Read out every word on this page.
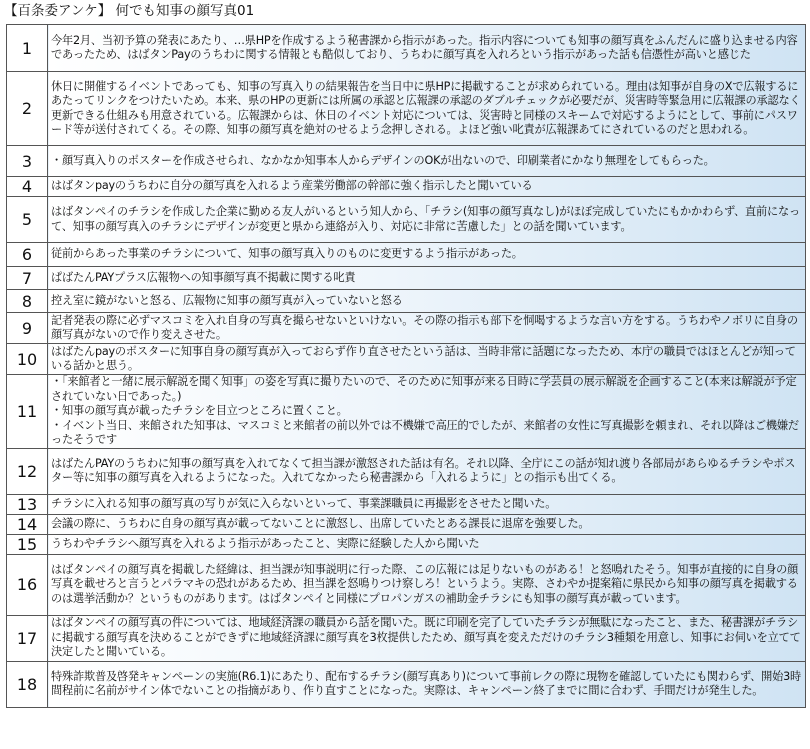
【百条委アンケ】 何でも知事の顔写真01
1	今年2月、当初予算の発表にあたり、…県HPを作成するよう秘書課から指示があった。指示内容についても知事の顔写真をふんだんに盛り込ませる内容であったため、はばタンPayのうちわに関する情報とも酷似しており、うちわに顔写真を入れろという指示があった話も信憑性が高いと感じた
2	休日に開催するイベントであっても、知事の写真入りの結果報告を当日中に県HPに掲載することが求められている。理由は知事が自身のXで広報するにあたってリンクをつけたいため。本来、県のHPの更新には所属の承認と広報課の承認のダブルチェックが必要だが、災害時等緊急用に広報課の承認なく更新できる仕組みも用意されている。広報課からは、休日のイベント対応については、災害時と同様のスキームで対応するようにとして、事前にパスワード等が送付されてくる。その際、知事の顔写真を絶対のせるよう念押しされる。よほど強い叱責が広報課あてにされているのだと思われる。
3	・顔写真入りのポスターを作成させられ、なかなか知事本人からデザインのOKが出ないので、印刷業者にかなり無理をしてもらった。
4	はばタンpayのうちわに自分の顔写真を入れるよう産業労働部の幹部に強く指示したと聞いている
5	はばタンペイのチラシを作成した企業に勤める友人がいるという知人から、「チラシ(知事の顔写真なし)がほぼ完成していたにもかかわらず、直前になって、知事の顔写真入のチラシにデザインが変更と県から連絡が入り、対応に非常に苦慮した」との話を聞いています。
6	従前からあった事業のチラシについて、知事の顔写真入りのものに変更するよう指示があった。
7	ぱばたんPAYプラス広報物への知事顔写真不掲載に関する叱責
8	控え室に鏡がないと怒る、広報物に知事の顔写真が入っていないと怒る
9	記者発表の際に必ずマスコミを入れ自身の写真を撮らせないといけない。その際の指示も部下を恫喝するような言い方をする。うちわやノボリに自身の顔写真がないので作り変えさせた。
10	はばたんpayのポスターに知事自身の顔写真が入っておらず作り直させたという話は、当時非常に話題になったため、本庁の職員ではほとんどが知っている話かと思う。
11	・「来館者と一緒に展示解説を聞く知事」の姿を写真に撮りたいので、そのために知事が来る日時に学芸員の展示解説を企画すること(本来は解説が予定されていない日であった。)
・知事の顔写真が載ったチラシを目立つところに置くこと。
・イベント当日、来館された知事は、マスコミと来館者の前以外では不機嫌で高圧的でしたが、来館者の女性に写真撮影を頼まれ、それ以降はご機嫌だったそうです
12	はばたんPAYのうちわに知事の顔写真を入れてなくて担当課が激怒された話は有名。それ以降、全庁にこの話が知れ渡り各部局があらゆるチラシやポスター等に知事の顔写真を入れるようになった。入れてなかったら秘書課から「入れるように」との指示も出てくる。
13	チラシに入れる知事の顔写真の写りが気に入らないといって、事業課職員に再撮影をさせたと聞いた。
14	会議の際に、うちわに自身の顔写真が載ってないことに激怒し、出席していたとある課長に退席を強要した。
15	うちわやチラシへ顔写真を入れるよう指示があったこと、実際に経験した人から聞いた
16	はばタンペイの顔写真を掲載した経緯は、担当課が知事説明に行った際、この広報には足りないものがある！と怒鳴れたそう。知事が直接的に自身の顔写真を載せろと言うとパラマキの恐れがあるため、担当課を怒鳴りつけ察しろ！というよう。実際、さわやか提案箱に県民から知事の顔写真を掲載するのは選挙活動か？というものがあります。はばタンペイと同様にプロパンガスの補助金チラシにも知事の顔写真が載っています。
17	はばタンペイの顔写真の件については、地域経済課の職員から話を聞いた。既に印刷を完了していたチラシが無駄になったこと、また、秘書課がチラシに掲載する顔写真を決めることができずに地域経済課に顔写真を3枚提供したため、顔写真を変えただけのチラシ3種類を用意し、知事にお伺いを立てて決定したと聞いている。
18	特殊詐欺普及啓発キャンペーンの実施(R6.1)にあたり、配布するチラシ(顔写真あり)について事前レクの際に現物を確認していたにも関わらず、開始3時間程前に名前がサイン体でないことの指摘があり、作り直すことになった。実際は、キャンペーン終了までに間に合わず、手間だけが発生した。
